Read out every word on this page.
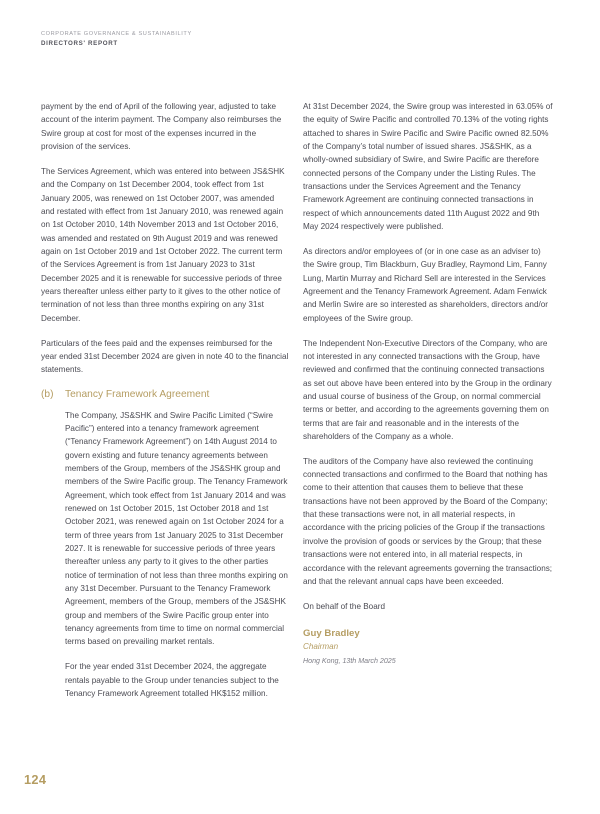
CORPORATE GOVERNANCE & SUSTAINABILITY
DIRECTORS' REPORT

payment by the end of April of the following year, adjusted to take account of the interim payment. The Company also reimburses the Swire group at cost for most of the expenses incurred in the provision of the services.

The Services Agreement, which was entered into between JS&SHK and the Company on 1st December 2004, took effect from 1st January 2005, was renewed on 1st October 2007, was amended and restated with effect from 1st January 2010, was renewed again on 1st October 2010, 14th November 2013 and 1st October 2016, was amended and restated on 9th August 2019 and was renewed again on 1st October 2019 and 1st October 2022. The current term of the Services Agreement is from 1st January 2023 to 31st December 2025 and it is renewable for successive periods of three years thereafter unless either party to it gives to the other notice of termination of not less than three months expiring on any 31st December.

Particulars of the fees paid and the expenses reimbursed for the year ended 31st December 2024 are given in note 40 to the financial statements.

(b)	Tenancy Framework Agreement

The Company, JS&SHK and Swire Pacific Limited (“Swire Pacific”) entered into a tenancy framework agreement (“Tenancy Framework Agreement”) on 14th August 2014 to govern existing and future tenancy agreements between members of the Group, members of the JS&SHK group and members of the Swire Pacific group. The Tenancy Framework Agreement, which took effect from 1st January 2014 and was renewed on 1st October 2015, 1st October 2018 and 1st October 2021, was renewed again on 1st October 2024 for a term of three years from 1st January 2025 to 31st December 2027. It is renewable for successive periods of three years thereafter unless any party to it gives to the other parties notice of termination of not less than three months expiring on any 31st December. Pursuant to the Tenancy Framework Agreement, members of the Group, members of the JS&SHK group and members of the Swire Pacific group enter into tenancy agreements from time to time on normal commercial terms based on prevailing market rentals.

For the year ended 31st December 2024, the aggregate rentals payable to the Group under tenancies subject to the Tenancy Framework Agreement totalled HK$152 million.

At 31st December 2024, the Swire group was interested in 63.05% of the equity of Swire Pacific and controlled 70.13% of the voting rights attached to shares in Swire Pacific and Swire Pacific owned 82.50% of the Company’s total number of issued shares. JS&SHK, as a wholly-owned subsidiary of Swire, and Swire Pacific are therefore connected persons of the Company under the Listing Rules. The transactions under the Services Agreement and the Tenancy Framework Agreement are continuing connected transactions in respect of which announcements dated 11th August 2022 and 9th May 2024 respectively were published.

As directors and/or employees of (or in one case as an adviser to) the Swire group, Tim Blackburn, Guy Bradley, Raymond Lim, Fanny Lung, Martin Murray and Richard Sell are interested in the Services Agreement and the Tenancy Framework Agreement. Adam Fenwick and Merlin Swire are so interested as shareholders, directors and/or employees of the Swire group.

The Independent Non-Executive Directors of the Company, who are not interested in any connected transactions with the Group, have reviewed and confirmed that the continuing connected transactions as set out above have been entered into by the Group in the ordinary and usual course of business of the Group, on normal commercial terms or better, and according to the agreements governing them on terms that are fair and reasonable and in the interests of the shareholders of the Company as a whole.

The auditors of the Company have also reviewed the continuing connected transactions and confirmed to the Board that nothing has come to their attention that causes them to believe that these transactions have not been approved by the Board of the Company; that these transactions were not, in all material respects, in accordance with the pricing policies of the Group if the transactions involve the provision of goods or services by the Group; that these transactions were not entered into, in all material respects, in accordance with the relevant agreements governing the transactions; and that the relevant annual caps have been exceeded.

On behalf of the Board

Guy Bradley

Chairman

Hong Kong, 13th March 2025

124
